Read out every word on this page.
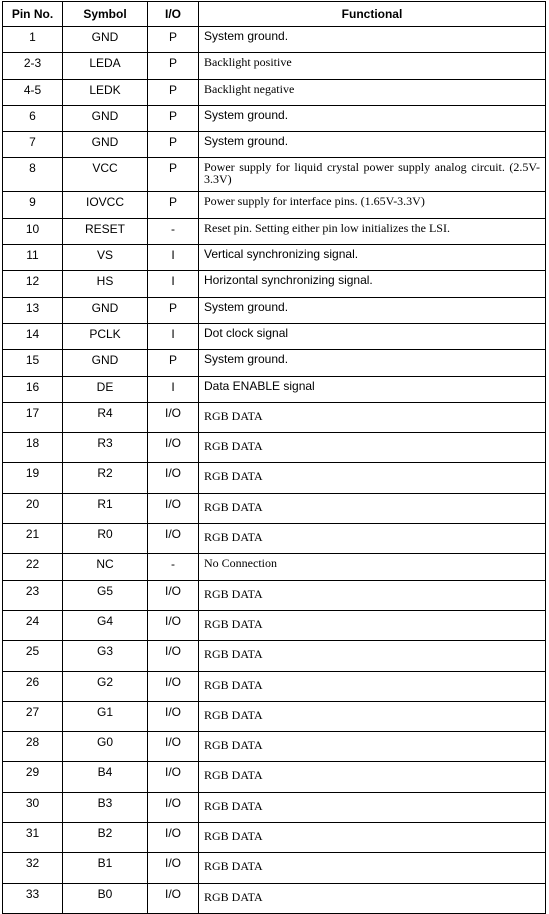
Pin No.	Symbol	I/O	Functional
1	GND	P	System ground.
2-3	LEDA	P	Backlight positive
4-5	LEDK	P	Backlight negative
6	GND	P	System ground.
7	GND	P	System ground.
8	VCC	P	Power supply for liquid crystal power supply analog circuit. (2.5V-3.3V)
9	IOVCC	P	Power supply for interface pins. (1.65V-3.3V)
10	RESET	-	Reset pin. Setting either pin low initializes the LSI.
11	VS	I	Vertical synchronizing signal.
12	HS	I	Horizontal synchronizing signal.
13	GND	P	System ground.
14	PCLK	I	Dot clock signal
15	GND	P	System ground.
16	DE	I	Data ENABLE signal
17	R4	I/O	RGB DATA
18	R3	I/O	RGB DATA
19	R2	I/O	RGB DATA
20	R1	I/O	RGB DATA
21	R0	I/O	RGB DATA
22	NC	-	No Connection
23	G5	I/O	RGB DATA
24	G4	I/O	RGB DATA
25	G3	I/O	RGB DATA
26	G2	I/O	RGB DATA
27	G1	I/O	RGB DATA
28	G0	I/O	RGB DATA
29	B4	I/O	RGB DATA
30	B3	I/O	RGB DATA
31	B2	I/O	RGB DATA
32	B1	I/O	RGB DATA
33	B0	I/O	RGB DATA
